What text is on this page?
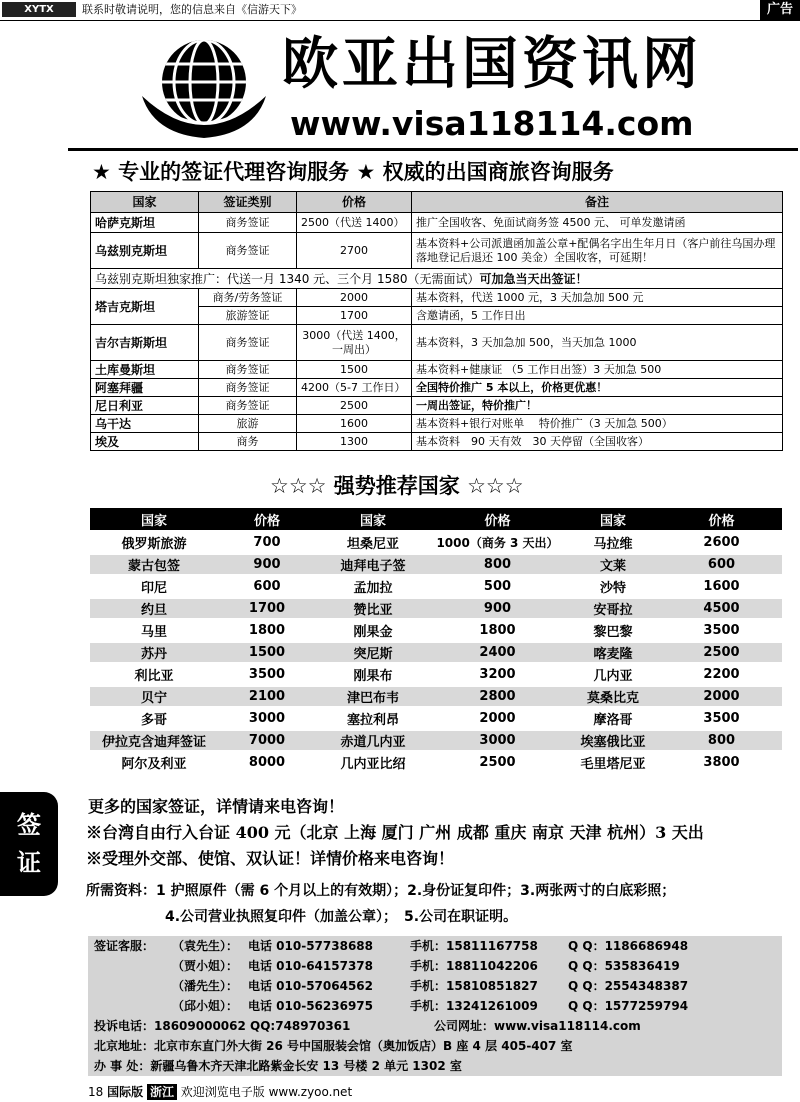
XYTX	联系时敬请说明，您的信息来自《信游天下》	广告
欧亚出国资讯网
www.visa118114.com
★ 专业的签证代理咨询服务 ★ 权威的出国商旅咨询服务
国家	签证类别	价格	备注
哈萨克斯坦	商务签证	2500（代送 1400）	推广全国收客、免面试商务签 4500 元、 可单发邀请函
乌兹别克斯坦	商务签证	2700	基本资料+公司派遣函加盖公章+配偶名字出生年月日（客户前往乌国办理落地登记后退还 100 美金）全国收客，可延期！
乌兹别克斯坦独家推广：代送一月 1340 元、三个月 1580（无需面试）可加急当天出签证！			
塔吉克斯坦	商务/劳务签证	2000	基本资料，代送 1000 元，3 天加急加 500 元
	旅游签证	1700	含邀请函，5 工作日出
吉尔吉斯斯坦	商务签证	3000（代送 1400，
一周出）	基本资料，3 天加急加 500，当天加急 1000
土库曼斯坦	商务签证	1500	基本资料+健康证 （5 工作日出签）3 天加急 500
阿塞拜疆	商务签证	4200（5-7 工作日）	全国特价推广 5 本以上，价格更优惠！
尼日利亚	商务签证	2500	一周出签证，特价推广！
乌干达	旅游	1600	基本资料+银行对账单　 特价推广（3 天加急 500）
埃及	商务	1300	基本资料　90 天有效　30 天停留（全国收客）
☆☆☆ 强势推荐国家 ☆☆☆
国家	价格	国家	价格	国家	价格
俄罗斯旅游	700	坦桑尼亚	1000（商务 3 天出）	马拉维	2600
蒙古包签	900	迪拜电子签	800	文莱	600
印尼	600	孟加拉	500	沙特	1600
约旦	1700	赞比亚	900	安哥拉	4500
马里	1800	刚果金	1800	黎巴黎	3500
苏丹	1500	突尼斯	2400	喀麦隆	2500
利比亚	3500	刚果布	3200	几内亚	2200
贝宁	2100	津巴布韦	2800	莫桑比克	2000
多哥	3000	塞拉利昂	2000	摩洛哥	3500
伊拉克含迪拜签证	7000	赤道几内亚	3000	埃塞俄比亚	800
阿尔及利亚	8000	几内亚比绍	2500	毛里塔尼亚	3800
签
证
更多的国家签证，详情请来电咨询！
※台湾自由行入台证 400 元（北京 上海 厦门 广州 成都 重庆 南京 天津 杭州）3 天出
※受理外交部、使馆、双认证！详情价格来电咨询！
所需资料：1 护照原件（需 6 个月以上的有效期）；2.身份证复印件；3.两张两寸的白底彩照；
4.公司营业执照复印件（加盖公章）；　5.公司在职证明。
签证客服： （袁先生）： 电话 010-57738688	手机：15811167758	Q Q：1186686948
（贾小姐）： 电话 010-64157378	手机：18811042206	Q Q：535836419
（潘先生）： 电话 010-57064562	手机：15810851827	Q Q：2554348387
（邱小姐）： 电话 010-56236975	手机：13241261009	Q Q：1577259794
投诉电话：18609000062 QQ:748970361	公司网址：www.visa118114.com
北京地址：北京市东直门外大街 26 号中国服装会馆（奥加饭店）B 座 4 层 405-407 室
办 事 处：新疆乌鲁木齐天津北路紫金长安 13 号楼 2 单元 1302 室
18 国际版 浙江 欢迎浏览电子版 www.zyoo.net
